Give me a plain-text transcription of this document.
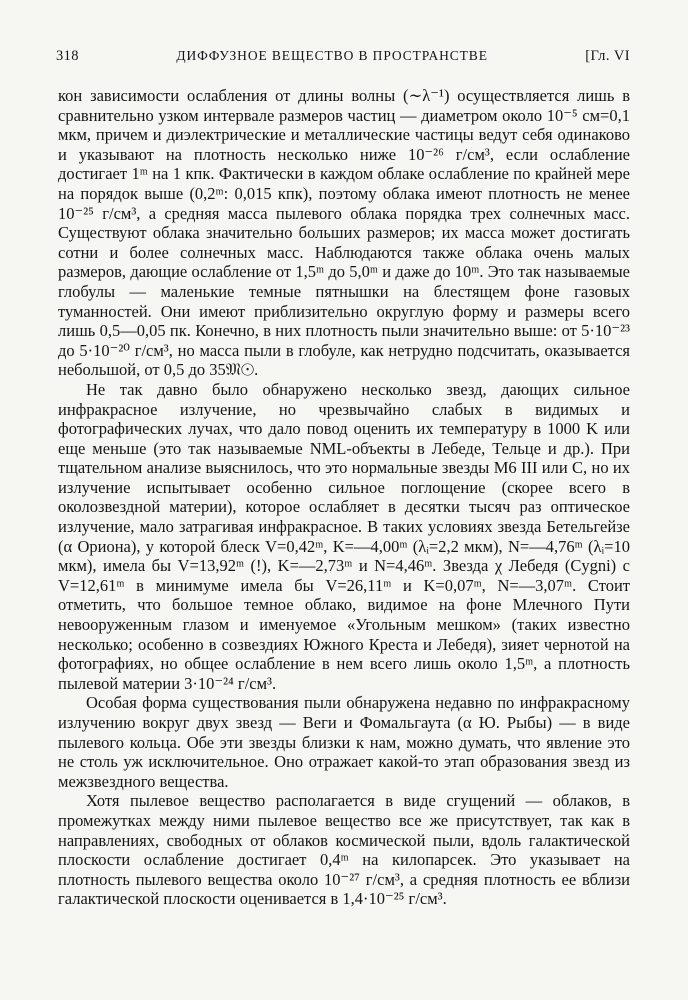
318	ДИФФУЗНОЕ ВЕЩЕСТВО В ПРОСТРАНСТВЕ	[Гл. VI

кон зависимости ослабления от длины волны (∼λ⁻¹) осуществляется лишь в сравнительно узком интервале размеров частиц — диаметром около 10⁻⁵ см=0,1 мкм, причем и диэлектрические и металлические частицы ведут себя одинаково и указывают на плотность несколько ниже 10⁻²⁶ г/см³, если ослабление достигает 1ᵐ на 1 кпк. Фактически в каждом облаке ослабление по крайней мере на порядок выше (0,2ᵐ: 0,015 кпк), поэтому облака имеют плотность не менее 10⁻²⁵ г/см³, а средняя масса пылевого облака порядка трех солнечных масс. Существуют облака значительно больших размеров; их масса может достигать сотни и более солнечных масс. Наблюдаются также облака очень малых размеров, дающие ослабление от 1,5ᵐ до 5,0ᵐ и даже до 10ᵐ. Это так называемые глобулы — маленькие темные пятнышки на блестящем фоне газовых туманностей. Они имеют приблизительно округлую форму и размеры всего лишь 0,5—0,05 пк. Конечно, в них плотность пыли значительно выше: от 5·10⁻²³ до 5·10⁻²⁰ г/см³, но масса пыли в глобуле, как нетрудно подсчитать, оказывается небольшой, от 0,5 до 35𝔐☉.

Не так давно было обнаружено несколько звезд, дающих сильное инфракрасное излучение, но чрезвычайно слабых в видимых и фотографических лучах, что дало повод оценить их температуру в 1000 K или еще меньше (это так называемые NML-объекты в Лебеде, Тельце и др.). При тщательном анализе выяснилось, что это нормальные звезды M6 III или C, но их излучение испытывает особенно сильное поглощение (скорее всего в околозвездной материи), которое ослабляет в десятки тысяч раз оптическое излучение, мало затрагивая инфракрасное. В таких условиях звезда Бетельгейзе (α Ориона), у которой блеск V=0,42ᵐ, K=—4,00ᵐ (λᵢ=2,2 мкм), N=—4,76ᵐ (λᵢ=10 мкм), имела бы V=13,92ᵐ (!), K=—2,73ᵐ и N=4,46ᵐ. Звезда χ Лебедя (Cygni) с V=12,61ᵐ в минимуме имела бы V=26,11ᵐ и K=0,07ᵐ, N=—3,07ᵐ. Стоит отметить, что большое темное облако, видимое на фоне Млечного Пути невооруженным глазом и именуемое «Угольным мешком» (таких известно несколько; особенно в созвездиях Южного Креста и Лебедя), зияет чернотой на фотографиях, но общее ослабление в нем всего лишь около 1,5ᵐ, а плотность пылевой материи 3·10⁻²⁴ г/см³.

Особая форма существования пыли обнаружена недавно по инфракрасному излучению вокруг двух звезд — Веги и Фомальгаута (α Ю. Рыбы) — в виде пылевого кольца. Обе эти звезды близки к нам, можно думать, что явление это не столь уж исключительное. Оно отражает какой-то этап образования звезд из межзвездного вещества.

Хотя пылевое вещество располагается в виде сгущений — облаков, в промежутках между ними пылевое вещество все же присутствует, так как в направлениях, свободных от облаков космической пыли, вдоль галактической плоскости ослабление достигает 0,4ᵐ на килопарсек. Это указывает на плотность пылевого вещества около 10⁻²⁷ г/см³, а средняя плотность ее вблизи галактической плоскости оценивается в 1,4·10⁻²⁵ г/см³.
